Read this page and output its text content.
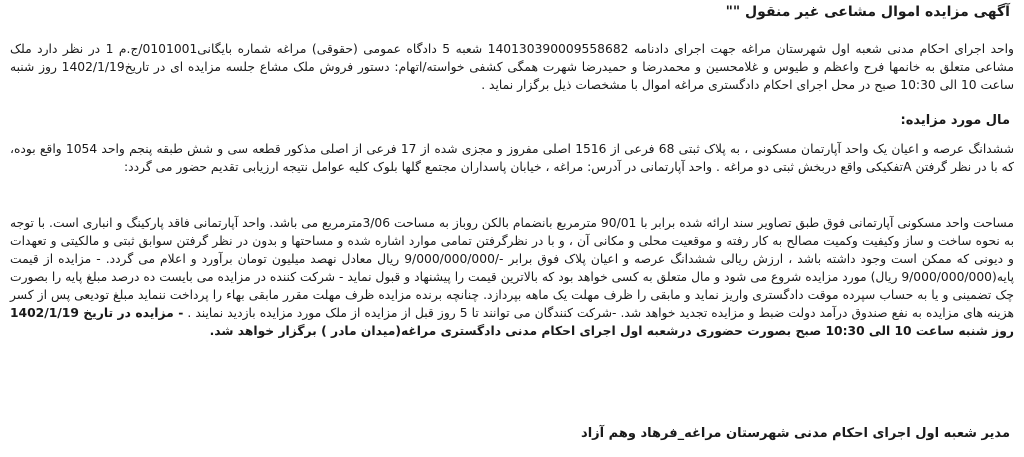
آگهی مزایده اموال مشاعی غیر منقول ""
واحد اجرای احکام مدنی شعبه اول شهرستان مراغه جهت اجرای دادنامه 14013039000955868‪2‬ شعبه 5 دادگاه عمومی (حقوقی) مراغه شماره بایگانی0101001/ج.م 1 در نظر دارد ملک مشاعی متعلق به خانمها فرح واعظم و طیوس و غلامحسین و محمدرضا و حمیدرضا شهرت همگی کشفی خواسته/اتهام: دستور فروش ملک مشاع جلسه مزایده ای در تاریخ1402/1/19 روز شنبه ساعت 10 الی 10:30 صبح در محل اجرای احکام دادگستری مراغه اموال با مشخصات ذیل برگزار نماید .
مال مورد مزایده:
ششدانگ عرصه و اعیان یک واحد آپارتمان مسکونی ، به پلاک ثبتی 68 فرعی از 1516 اصلی مفروز و مجزی شده از 17 فرعی از اصلی مذکور قطعه سی و شش طبقه پنجم واحد 1054 واقع بوده، که با در نظر گرفتن Aتفکیکی واقع دربخش ثبتی دو مراغه . واحد آپارتمانی در آدرس: مراغه ، خیابان پاسداران مجتمع گلها بلوک کلیه عوامل نتیجه ارزیابی تقدیم حضور می گردد:
مساحت واحد مسکونی آپارتمانی فوق طبق تصاویر سند ارائه شده برابر با 90/01 مترمربع بانضمام بالکن روباز به مساحت 3/06مترمربع می باشد. واحد آپارتمانی فاقد پارکینگ و انباری است. با توجه به نحوه ساخت و ساز وکیفیت وکمیت مصالح به کار رفته و موقعیت محلی و مکانی آن ، و با در نظرگرفتن تمامی موارد اشاره شده و مساحتها و بدون در نظر گرفتن سوابق ثبتی و مالکیتی و تعهدات و دیونی که ممکن است وجود داشته باشد ، ارزش ریالی ششدانگ عرصه و اعیان پلاک فوق برابر -/9/000/000/000 ریال معادل نهصد میلیون تومان برآورد و اعلام می گردد. - مزایده از قیمت پایه(9/000/000/000 ریال) مورد مزایده شروع می شود و مال متعلق به کسی خواهد بود که بالاترین قیمت را پیشنهاد و قبول نماید - شرکت کننده در مزایده می بایست ده درصد مبلغ پایه را بصورت چک تضمینی و یا به حساب سپرده موقت دادگستری واریز نماید و مابقی را ظرف مهلت یک ماهه بپردازد. چنانچه برنده مزایده ظرف مهلت مقرر مابقی بهاء را پرداخت ننماید مبلغ تودیعی پس از کسر هزینه های مزایده به نفع صندوق درآمد دولت ضبط و مزایده تجدید خواهد شد. -شرکت کنندگان می توانند تا 5 روز قبل از مزایده از ملک مورد مزایده بازدید نمایند . - مزایده در تاریخ 1402/1/19 روز شنبه ساعت 10 الی 10:30 صبح بصورت حضوری درشعبه اول اجرای احکام مدنی دادگستری مراغه(میدان مادر ) برگزار خواهد شد.
مدیر شعبه اول اجرای احکام مدنی شهرستان مراغه_فرهاد وهم آزاد
